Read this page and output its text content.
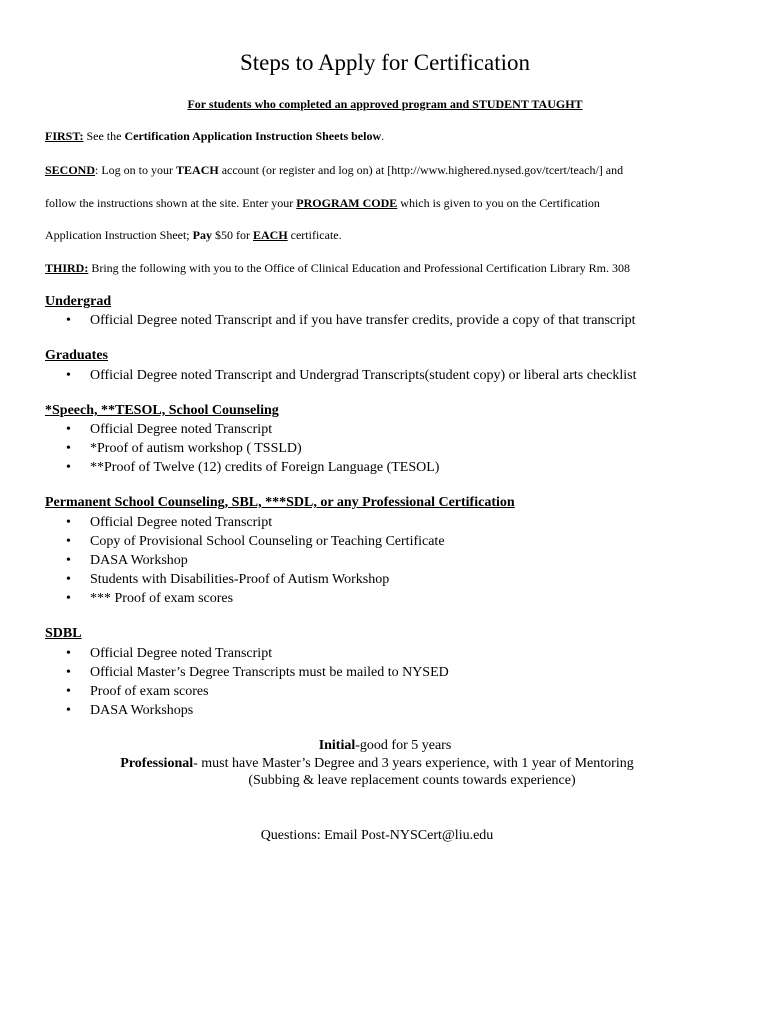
Steps to Apply for Certification
For students who completed an approved program and STUDENT TAUGHT
FIRST: See the Certification Application Instruction Sheets below.
SECOND: Log on to your TEACH account (or register and log on) at [http://www.highered.nysed.gov/tcert/teach/] and
follow the instructions shown at the site. Enter your PROGRAM CODE which is given to you on the Certification
Application Instruction Sheet; Pay $50 for EACH certificate.
THIRD: Bring the following with you to the Office of Clinical Education and Professional Certification Library Rm. 308
Undergrad
• Official Degree noted Transcript and if you have transfer credits, provide a copy of that transcript
Graduates
• Official Degree noted Transcript and Undergrad Transcripts(student copy) or liberal arts checklist
*Speech, **TESOL, School Counseling
• Official Degree noted Transcript
• *Proof of autism workshop ( TSSLD)
• **Proof of Twelve (12) credits of Foreign Language (TESOL)
Permanent School Counseling, SBL, ***SDL, or any Professional Certification
• Official Degree noted Transcript
• Copy of Provisional School Counseling or Teaching Certificate
• DASA Workshop
• Students with Disabilities-Proof of Autism Workshop
• *** Proof of exam scores
SDBL
• Official Degree noted Transcript
• Official Master’s Degree Transcripts must be mailed to NYSED
• Proof of exam scores
• DASA Workshops
Initial-good for 5 years
Professional- must have Master’s Degree and 3 years experience, with 1 year of Mentoring
(Subbing & leave replacement counts towards experience)
Questions: Email Post-NYSCert@liu.edu
